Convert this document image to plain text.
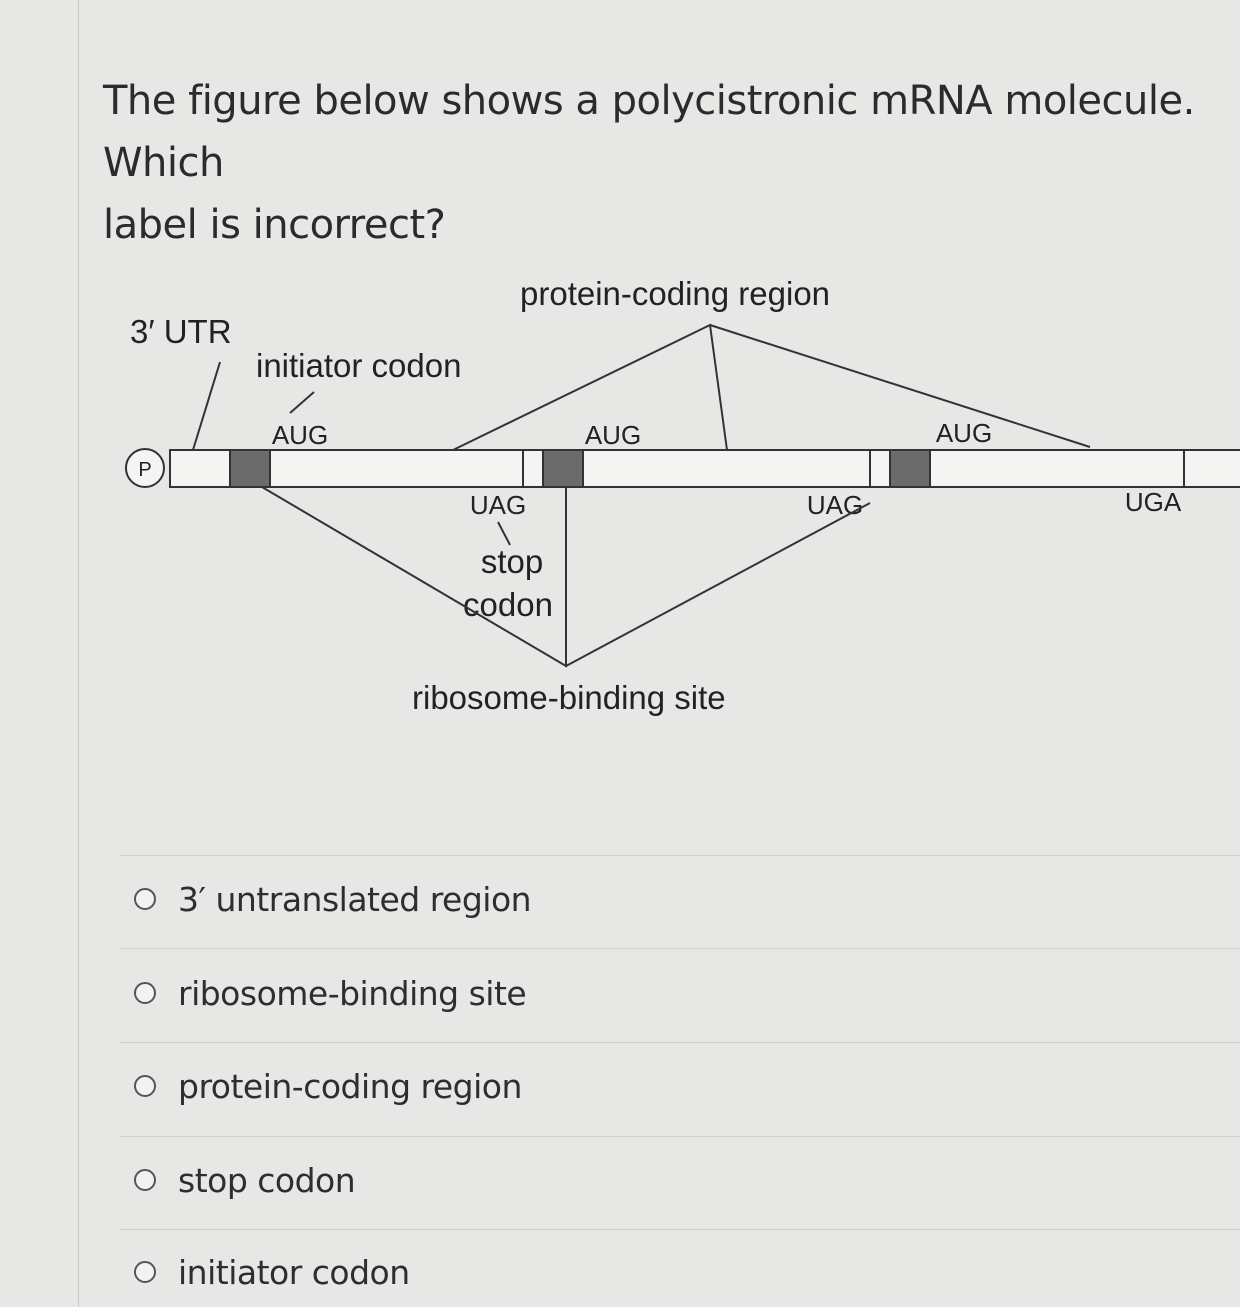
The figure below shows a polycistronic mRNA molecule. Which
label is incorrect?
P
3′ UTR
initiator codon
protein-coding region
AUG	AUG	AUG
UAG	UAG	UGA
stop
codon
ribosome-binding site
3′ untranslated region
ribosome-binding site
protein-coding region
stop codon
initiator codon
